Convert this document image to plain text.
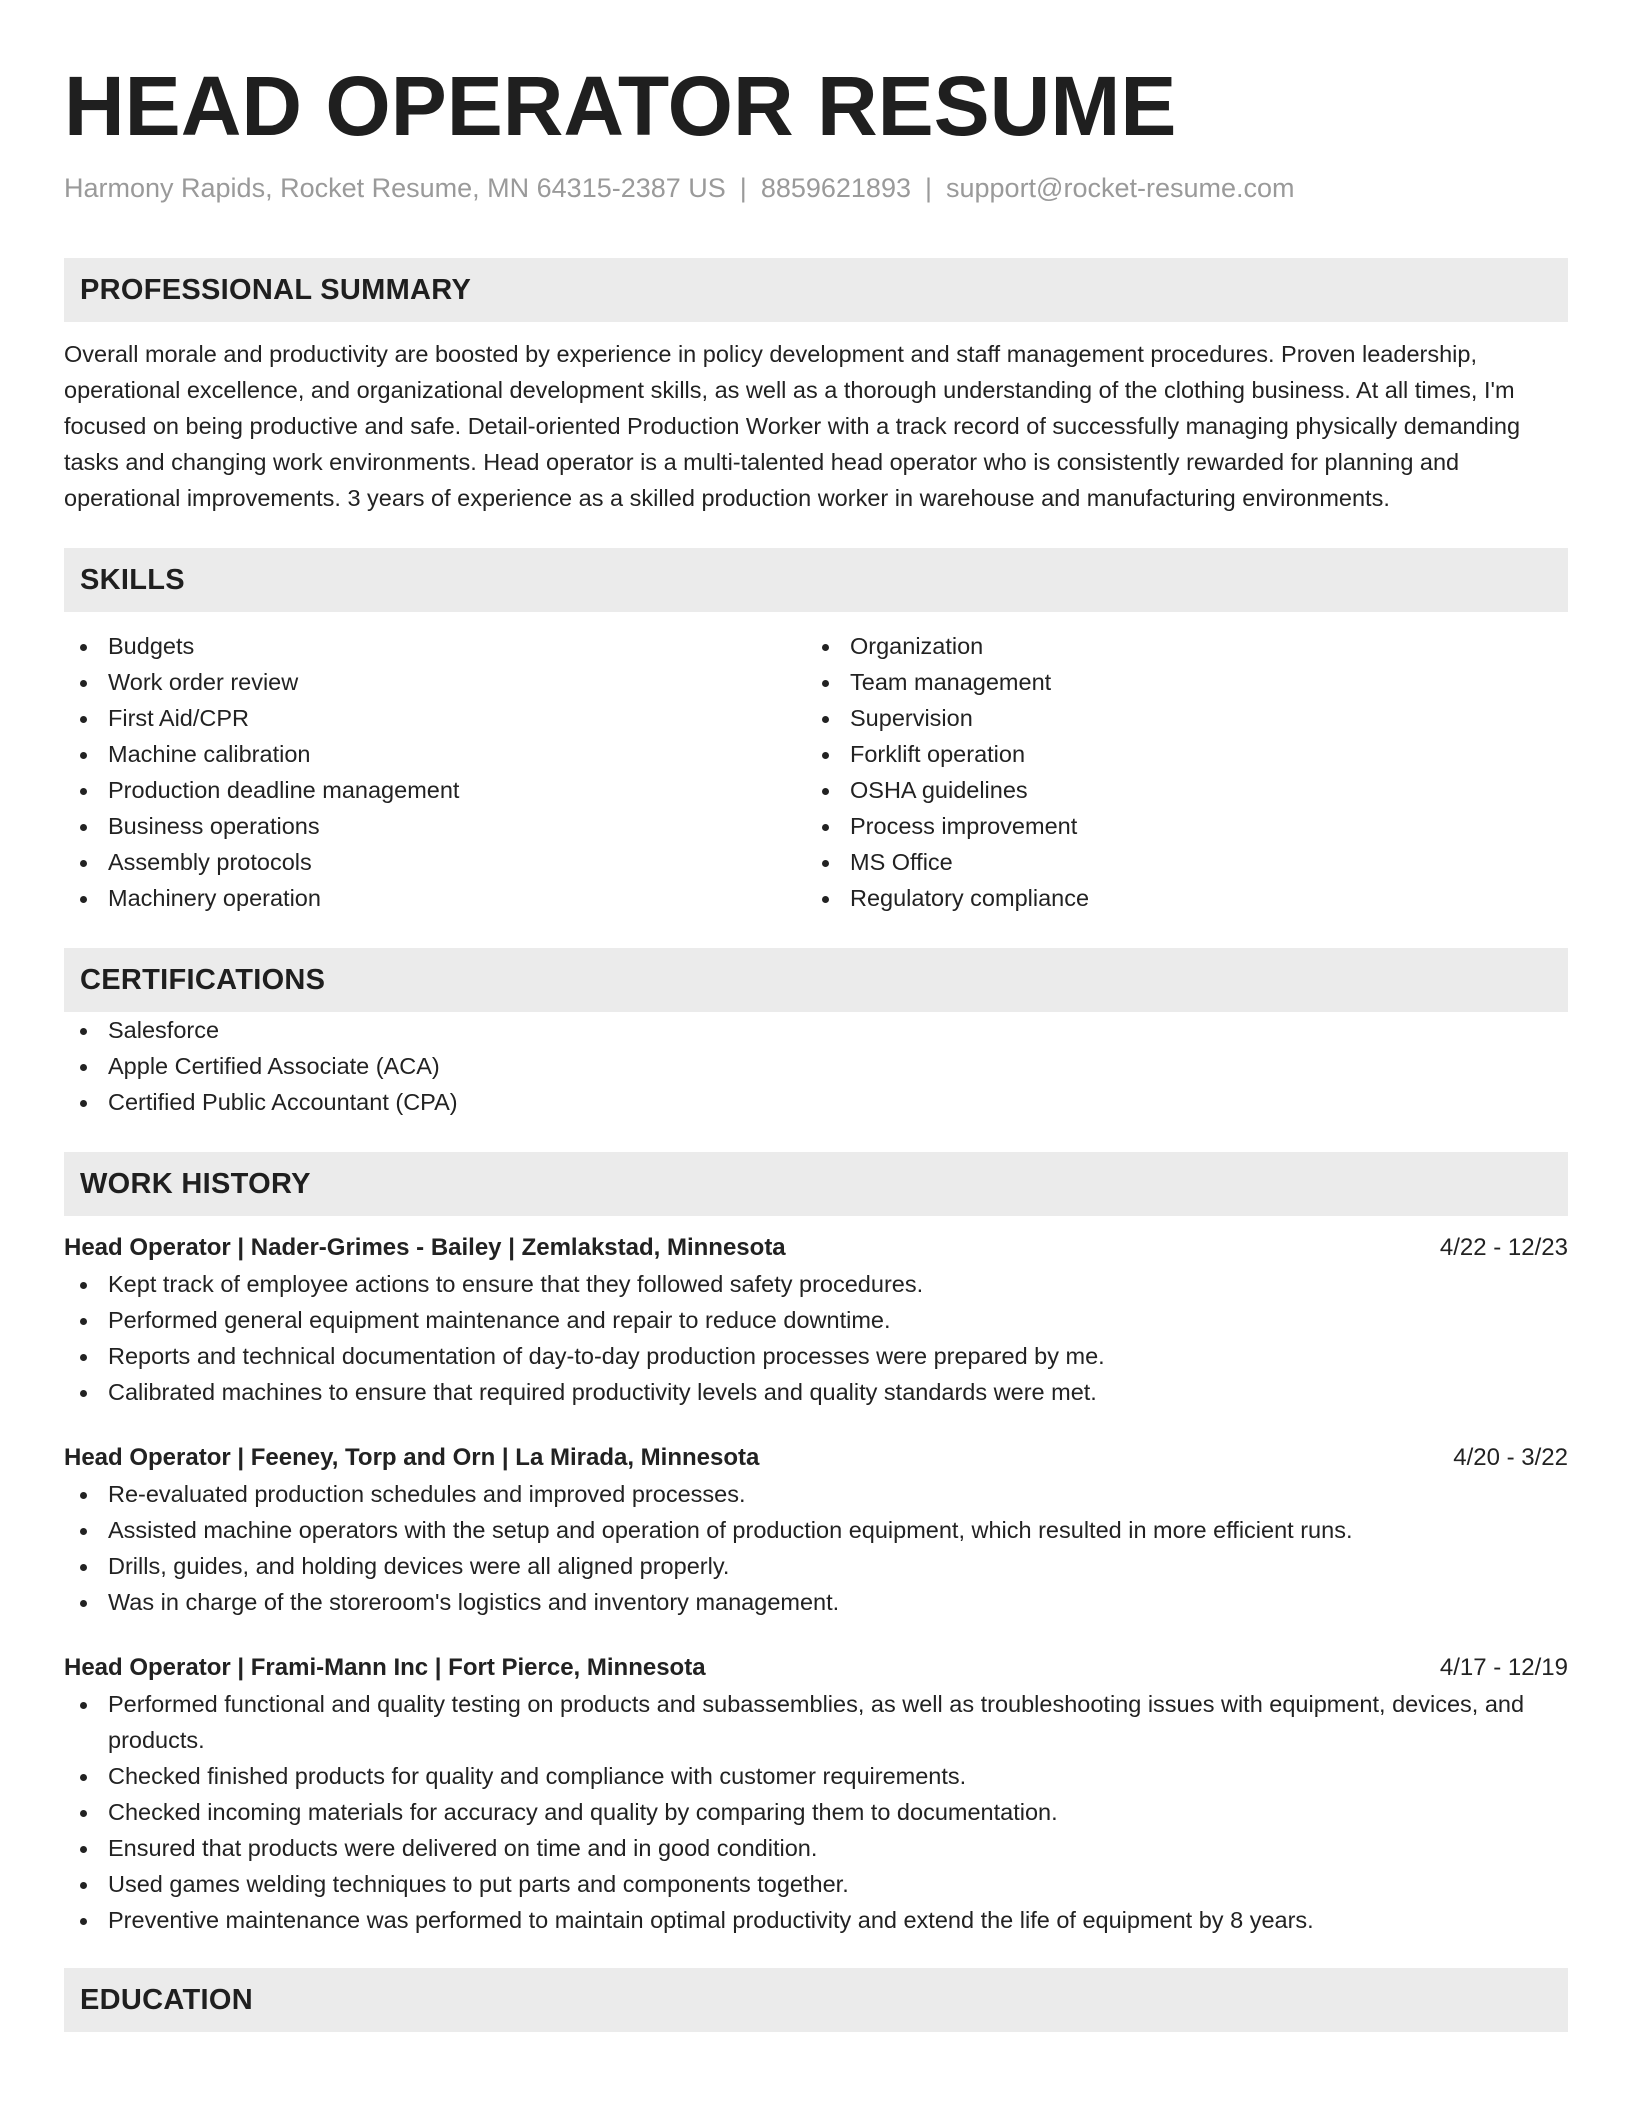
HEAD OPERATOR RESUME
Harmony Rapids, Rocket Resume, MN 64315-2387 US | 8859621893 | support@rocket-resume.com
PROFESSIONAL SUMMARY

Overall morale and productivity are boosted by experience in policy development and staff management procedures. Proven leadership, operational excellence, and organizational development skills, as well as a thorough understanding of the clothing business. At all times, I'm focused on being productive and safe. Detail-oriented Production Worker with a track record of successfully managing physically demanding tasks and changing work environments. Head operator is a multi-talented head operator who is consistently rewarded for planning and operational improvements. 3 years of experience as a skilled production worker in warehouse and manufacturing environments.

SKILLS
Budgets
Work order review
First Aid/CPR
Machine calibration
Production deadline management
Business operations
Assembly protocols
Machinery operation
Organization
Team management
Supervision
Forklift operation
OSHA guidelines
Process improvement
MS Office
Regulatory compliance
CERTIFICATIONS
Salesforce
Apple Certified Associate (ACA)
Certified Public Accountant (CPA)
WORK HISTORY
Head Operator | Nader-Grimes - Bailey | Zemlakstad, Minnesota	4/22 - 12/23
Kept track of employee actions to ensure that they followed safety procedures.
Performed general equipment maintenance and repair to reduce downtime.
Reports and technical documentation of day-to-day production processes were prepared by me.
Calibrated machines to ensure that required productivity levels and quality standards were met.
Head Operator | Feeney, Torp and Orn | La Mirada, Minnesota	4/20 - 3/22
Re-evaluated production schedules and improved processes.
Assisted machine operators with the setup and operation of production equipment, which resulted in more efficient runs.
Drills, guides, and holding devices were all aligned properly.
Was in charge of the storeroom's logistics and inventory management.
Head Operator | Frami-Mann Inc | Fort Pierce, Minnesota	4/17 - 12/19
Performed functional and quality testing on products and subassemblies, as well as troubleshooting issues with equipment, devices, and products.
Checked finished products for quality and compliance with customer requirements.
Checked incoming materials for accuracy and quality by comparing them to documentation.
Ensured that products were delivered on time and in good condition.
Used games welding techniques to put parts and components together.
Preventive maintenance was performed to maintain optimal productivity and extend the life of equipment by 8 years.
EDUCATION
